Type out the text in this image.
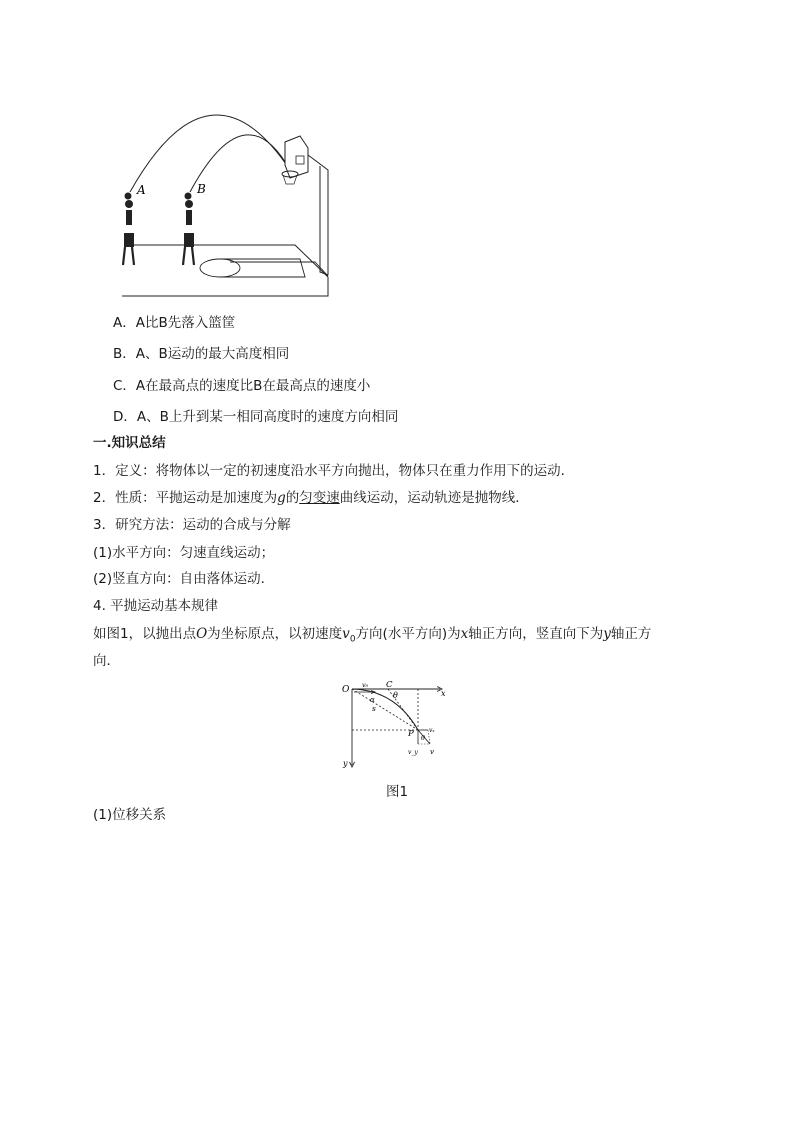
A	B
A．A比B先落入篮筐
B．A、B运动的最大高度相同
C．A在最高点的速度比B在最高点的速度小
D．A、B上升到某一相同高度时的速度方向相同
一.知识总结
1．定义：将物体以一定的初速度沿水平方向抛出，物体只在重力作用下的运动．
2．性质：平抛运动是加速度为g的匀变速曲线运动，运动轨迹是抛物线．
3．研究方法：运动的合成与分解
(1)水平方向：匀速直线运动；
(2)竖直方向：自由落体运动．
4. 平抛运动基本规律
如图1，以抛出点O为坐标原点，以初速度$v_0$方向(水平方向)为x轴正方向，竖直向下为y轴正方
向．
O v₀ C
x
θ
α
s
P	vₓ
θ
v_y v
y
图1
(1)位移关系
